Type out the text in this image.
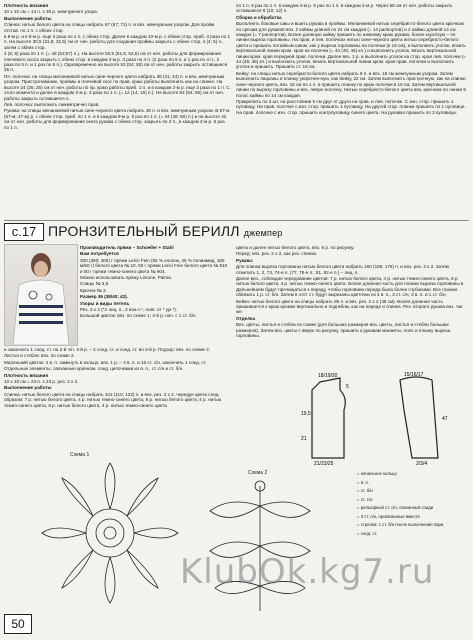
Плотность вязания

10 х 10 см = 14 п. х 30 р. жемчужного узора.

Выполнение работы

Спинка: нитью белого цвета на спицы набрать 67 (67; 71) п. и вяз. жемчужным узором. Для пройм отстав. по 1 п. с обеих стор.

в 8-м р. и в 8-м р. еще 3 раза по 1 п. с обеих стор. Далее в каждом 10-м р. с обеих стор. приб. 4 раза по 1 п. На высоте 30,5 (31,5; 32,5) см от нач. работы для создания проймы закрыть с обеих стор. 4 (4; 5) п., затем с обеих стор.

4 (5; 6) раза по 1 п. (= 49 (53;57) п.). На высоте 50,5 (51,5; 52,5) см от нач. работы для формирования плечевого скоса закрыть с обеих стор. в каждом 2-м р. 3 раза по 4 п. (2 раза по 5 п. и 1 раз по 4 п.; 2 раза по 5 п. и 1 раз по 6 п.). Одновременно на высоте 53 (54; 55) см от нач. работы закрыть оставшиеся 25 п.

Пл. полочка: на спицы меланжевой нитью сине-черного цвета набрать 38 (41; 44) п. и вяз. жемчужным узором. Пристрачивание, проймы и плечевой скос по прав. краю работы выполнить как на спинке. На высоте 24 (25; 26) см от нач. работы по пр. краю работы приб. 1 п. и в каждом 2-м р. еще 3 раза по 1 п. С этого момента и далее в каждом 2-м р. 3 раза по 1 п. (= 12 (14; 16) п.). На высоте 53 (54; 55) см от нач. работы закрыть оставшиеся п.

Лев. полочка: выполнить симметрично прав.

Рукава: на спицы меланжевой нитью сине-черного цвета набрать 36 п. и вяз. жемчужным узором. В 67-м (57-м; 47-м) р. с обеих стор. приб. по 1 п. и в каждом 8-м р. 5 раз по 1 п. (= 44 (48; 50) п.) и на высоте 42 см от нач. работы для формирования оката рукава с обеих стор. закрыть по 2 п., в каждом 2-м р. 6 раз по 1 п.

по 1 п. 5 раз по 1 п. в каждом 4-м р. 5 раз по 1 п. в каждом 2-м р. Через 58 см от нач. работы закрыть оставшиеся 6 (10; 12) п.

Сборка и обработка

Выполнить боковые швы и вшить рукава в проймы. Меланжевой нитью серебристо-белого цвета крючком по срезам для рукавов вяз. 2 каймы длиной по 24 см каждая (= 14 раппортов) и 2 каймы длиной 12 см каждая (= 7 раппортов). Более длинную кайму пришить по нижнему краю рукава, более короткую – по линии выреза горловины. На прав. и лев. полочках нитью сине-черного цвета нитью серебристо-белого цвета и пришить потайным швом, как у выреза горловины на полочки (в 16 см), и выполнить уголок, вязать вертикальной линии кром. края на полочки (= 44 (45; 46) кл.) и выполнить уголок, вязать вертикальной линии кром. края передней прав. полочки. Далее вяз. 1 р. и выполнить уголок на стор. края лев. полочки (= 44 (45; 46) кл.) и выполнить уголок, вязать вертикальной линии кром. края прав. полочки и выполнить уголок и пришить. Пришить ст. 16 см.

Бейку: на спицы нитью серебристо-белого цвета набрать 9 п. и вяз. 16 см жемчужным узором. Затем выполнить лацканы и планку укорочен-ную, как бейку, 22 см. Затем выполнить пристрочную, как на спинке, сине-черного цвета, вяз. 16 см по 1 п. и пришить планку по краю полочки в 16 см. Затем вертикальной линии по вырезу горловины и вяз. левую полочку. Нитью серебристо-белого цвета вяз. крючком по линии 5 полос каймы по 14 см каждая.

Прикрепить по 3 шт. на расстоянии 5 см друг от друга на прав. и лев. полочке. С изн. стор. пришить 1 пуговицу. На прав. полочке с изн. стор. пришить 1 пуговицу. На другой стор. планки пришить по 1 пуговице. На прав. полочке с изн. стор. пришить контрпуговицу синего цвета. На рукавах пришить по 3 пуговицы.

с.17 ПРОНЗИТЕЛЬНЫЙ БЕРИЛЛ джемпер

Производитель пряжи – Schoeller + Stahl

Вам потребуется

300 (350; 400) г пряжи Lerici Fein (55 % хлопок, 45 % полиамид, 165 м/50 г) белого цвета № 10, 50 г пряжи Lerici Fein белого цвета № 910 и 50 г пряжи темно-синего цвета № 904.

Можно использовать пряжу Limone, Palma.

Спицы № 3,5.

Крючок № 3.

Размер 36 (38/40; 42).

Узоры и виды петель

Рез. 2 х 2 (*2 лиц. п., 2 изн.п.*, повт. от * до *).

Большой цветок: вяз. по схеме 1; 3-й р. нач. с 1 ст. б/н

и закончить 1 соед. ст. на 2-й ч/п. 4-й р. – 2 соед. ст. и соед. ст. во 2-й р. Подзор: вяз. по схеме 2.

Листья и стебли: вяз. по схеме 2.

Маленький цветок: 4 в. п. замкнуть в кольцо, вяз. 1 р. – 3 в. п. и 15 ст. с/н, закончить 1 соед. ст.

Отдельные элементы, связанные крючком, соед. цепочками из в. п., ст. с/н и ст. б/н.

Плотность вязания

10 х 10 см = 24 п. х 23 р. рез. 2 х 2.

Выполнение работы

Спинка: нитью белого цвета на спицы набрать 102 (110; 122) п. и вяз. рез. 2 х 2, чередуя цвета след. образом: 7 р. нитью белого цвета, 4 р. нитью темно-синего цвета, 6 р. нитью белого цвета, 4 р. нитью темно-синего цвета, 6 р. нитью белого цвета, 4 р. нитью темно-синего цвета

цвета и далее нитью белого цвета, вяз. 6 р. по рисунку.

Перед: вяз. рез. 2 х 2, как рез. спинки.

Рукава:

Для планки выреза горловины нитью белого цвета набрать 160 (168; 176) п. и вяз. рез. 2 х 2. Затем отметить 1, 2, 73, 74-е п. (77, 78-е п.; 81, 82-е п.) – лиц. п.

Далее вяз., соблюдая чередование цветов: 7 р. нитью белого цвета, 4 р. нитью темно-синего цвета, 6 р. нитью белого цвета, 4 р. нитью темно-синего цвета. Более длинная часть для планки выреза горловины в Дальнейшем будет прочищаться к переду, чтобы горловина переда была более глубокими. Все планки обвязать 1 р. ст. б/н. Затем в этот ст. будут вырезаны цветочки из 4 в. п., 3 ст. с/н, 3 в. п. и 1 ст. б/н.

Бейка: нитью белого цвета на спицы набрать 95 п. и вяз. рез. 2 х 2 (48 см). Более длинная часть пришивается к краю кромке вертикально и подгибом, как на переде и спинке. Рез. второго рукава вяз. так же.

Отделка

Вяз. цветы, листья и стебли по схеме (для больших размеров вяз. цветы, листья и стебли больших размеров). Затем вяз. цветы с вверх по рисунку, пришить к рукавам манжеты, пояс и планку выреза горловины.

18/19/20
5
19,5
21
21/23/25
15/16/17
47
2/3/4
Схема 1
Схема 2	= начальное кольцо
= в. п.
= ст. б/н
= ст. с/н
= рельефный ст. с/н, связанный сзади
= 3 ст. с/н, провязанные вместе
= стрелка: с ст. б/н после выполнения пара
= соед. ст.
KlubOk.kg7.ru
50
